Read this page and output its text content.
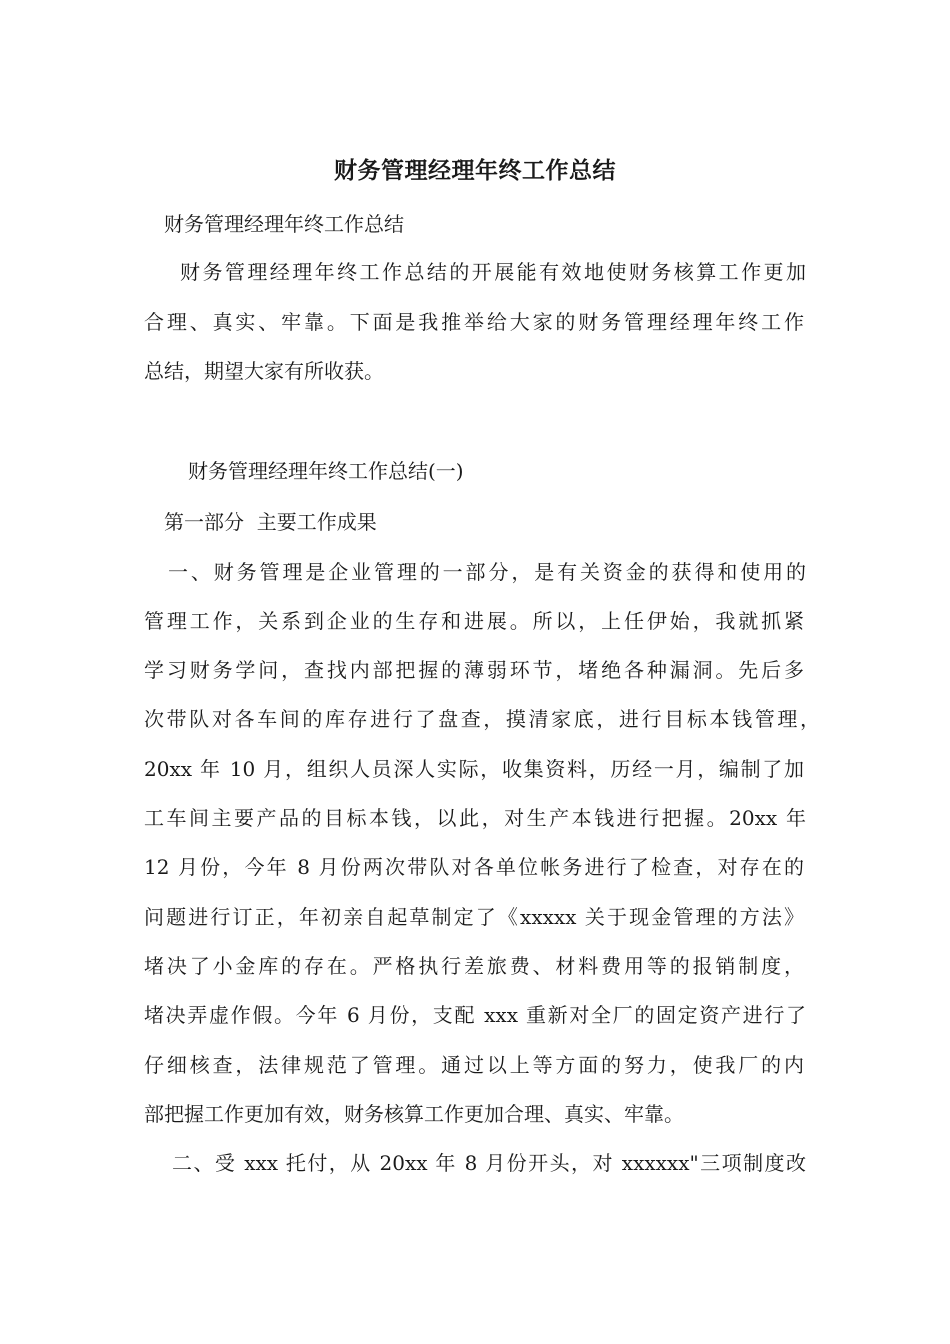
财务管理经理年终工作总结
财务管理经理年终工作总结
财务管理经理年终工作总结的开展能有效地使财务核算工作更加
合理、真实、牢靠。下面是我推举给大家的财务管理经理年终工作
总结，期望大家有所收获。
财务管理经理年终工作总结(一)
第一部分  主要工作成果
一、财务管理是企业管理的一部分，是有关资金的获得和使用的
管理工作，关系到企业的生存和进展。所以，上任伊始，我就抓紧
学习财务学问，查找内部把握的薄弱环节，堵绝各种漏洞。先后多
次带队对各车间的库存进行了盘查，摸清家底，进行目标本钱管理，
20xx 年 10 月，组织人员深人实际，收集资料，历经一月，编制了加
工车间主要产品的目标本钱，以此，对生产本钱进行把握。20xx 年
12 月份，今年 8 月份两次带队对各单位帐务进行了检查，对存在的
问题进行订正，年初亲自起草制定了《xxxxx 关于现金管理的方法》
堵决了小金库的存在。严格执行差旅费、材料费用等的报销制度，
堵决弄虚作假。今年 6 月份，支配 xxx 重新对全厂的固定资产进行了
仔细核查，法律规范了管理。通过以上等方面的努力，使我厂的内
部把握工作更加有效，财务核算工作更加合理、真实、牢靠。
二、受 xxx 托付，从 20xx 年 8 月份开头，对 xxxxxx"三项制度改
